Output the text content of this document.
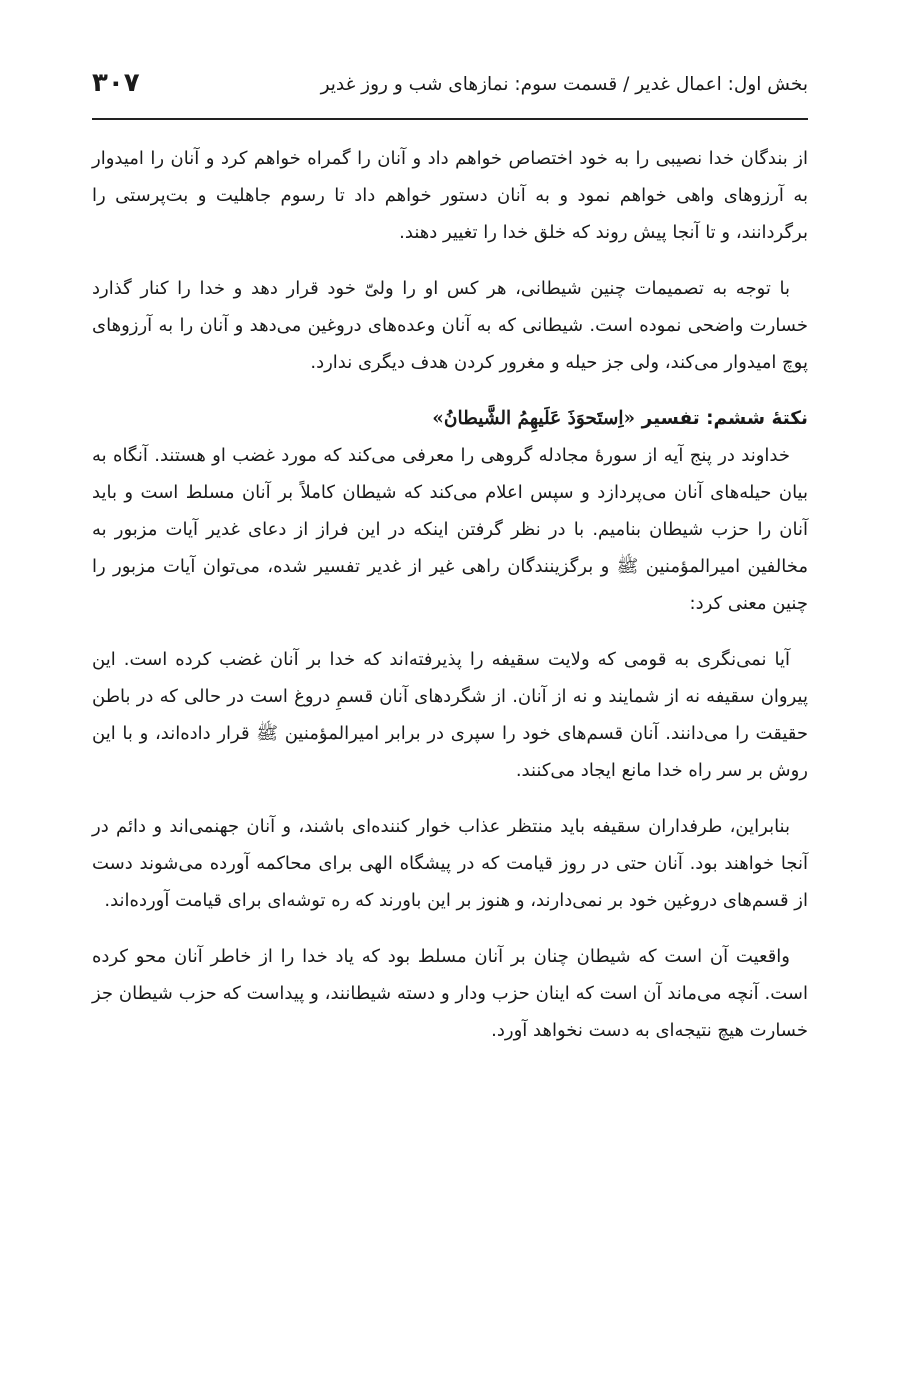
بخش اول: اعمال غدیر / قسمت سوم: نمازهای شب و روز غدیر
۳۰۷

از بندگان خدا نصیبی را به خود اختصاص خواهم داد و آنان را گمراه خواهم کرد و آنان را امیدوار به آرزوهای واهی خواهم نمود و به آنان دستور خواهم داد تا رسوم جاهلیت و بت‌پرستی را برگردانند، و تا آنجا پیش روند که خلق خدا را تغییر دهند.

با توجه به تصمیمات چنین شیطانی، هر کس او را ولیّ خود قرار دهد و خدا را کنار گذارد خسارت واضحی نموده است. شیطانی که به آنان وعده‌های دروغین می‌دهد و آنان را به آرزوهای پوچ امیدوار می‌کند، ولی جز حیله و مغرور کردن هدف دیگری ندارد.

نکتهٔ ششم: تفسیر «اِستَحوَذَ عَلَیهِمُ الشَّیطانُ»

خداوند در پنج آیه از سورهٔ مجادله گروهی را معرفی می‌کند که مورد غضب او هستند. آنگاه به بیان حیله‌های آنان می‌پردازد و سپس اعلام می‌کند که شیطان کاملاً بر آنان مسلط است و باید آنان را حزب شیطان بنامیم. با در نظر گرفتن اینکه در این فراز از دعای غدیر آیات مزبور به مخالفین امیرالمؤمنین ﷺ و برگزینندگان راهی غیر از غدیر تفسیر شده، می‌توان آیات مزبور را چنین معنی کرد:

آیا نمی‌نگری به قومی که ولایت سقیفه را پذیرفته‌اند که خدا بر آنان غضب کرده است. این پیروان سقیفه نه از شمایند و نه از آنان. از شگردهای آنان قسمِ دروغ است در حالی که در باطن حقیقت را می‌دانند. آنان قسم‌های خود را سپری در برابر امیرالمؤمنین ﷺ قرار داده‌اند، و با این روش بر سر راه خدا مانع ایجاد می‌کنند.

بنابراین، طرفداران سقیفه باید منتظر عذاب خوار کننده‌ای باشند، و آنان جهنمی‌اند و دائم در آنجا خواهند بود. آنان حتی در روز قیامت که در پیشگاه الهی برای محاکمه آورده می‌شوند دست از قسم‌های دروغین خود بر نمی‌دارند، و هنوز بر این باورند که ره توشه‌ای برای قیامت آورده‌اند.

واقعیت آن است که شیطان چنان بر آنان مسلط بود که یاد خدا را از خاطر آنان محو کرده است. آنچه می‌ماند آن است که اینان حزب ودار و دسته شیطانند، و پیداست که حزب شیطان جز خسارت هیچ نتیجه‌ای به دست نخواهد آورد.
